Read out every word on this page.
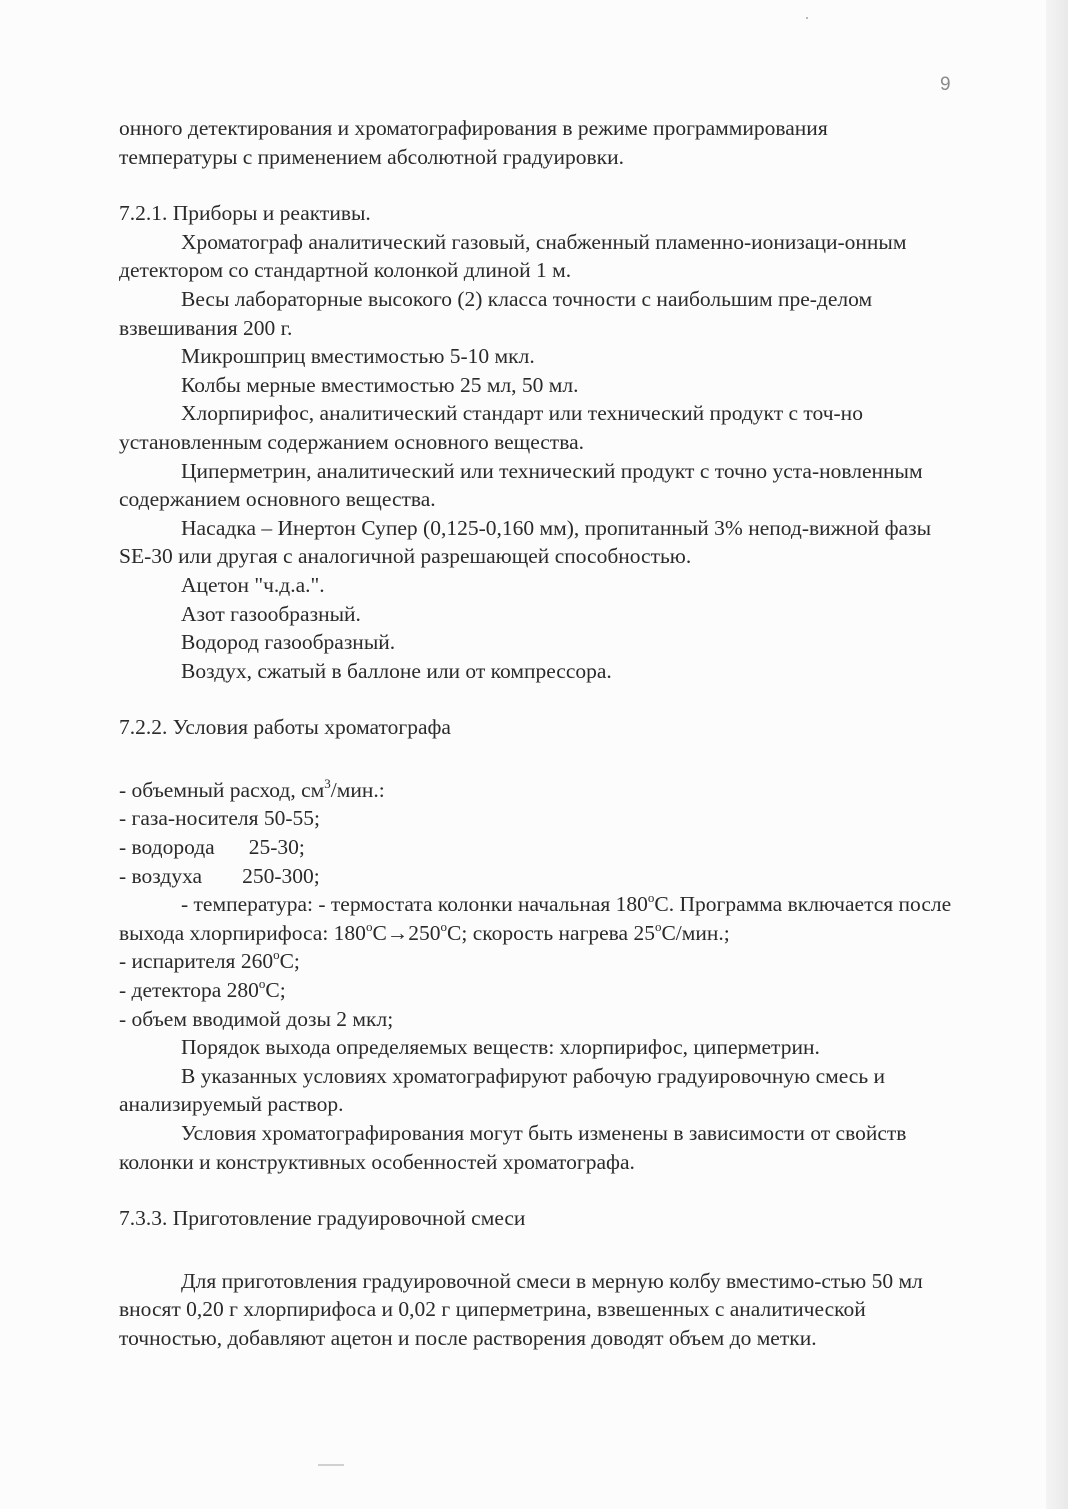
9

онного детектирования и хроматографирования в режиме программирования

температуры с применением абсолютной градуировки.

7.2.1. Приборы и реактивы.

Хроматограф аналитический газовый, снабженный пламенно-ионизаци-онным детектором со стандартной колонкой длиной 1 м.

Весы лабораторные высокого (2) класса точности с наибольшим пре-делом взвешивания 200 г.

Микрошприц вместимостью 5-10 мкл.

Колбы мерные вместимостью 25 мл, 50 мл.

Хлорпирифос, аналитический стандарт или технический продукт с точ-но установленным содержанием основного вещества.

Циперметрин, аналитический или технический продукт с точно уста-новленным содержанием основного вещества.

Насадка – Инертон Супер (0,125-0,160 мм), пропитанный 3% непод-вижной фазы SE-30 или другая с аналогичной разрешающей способностью.

Ацетон "ч.д.а.".

Азот газообразный.

Водород газообразный.

Воздух, сжатый в баллоне или от компрессора.

7.2.2. Условия работы хроматографа

- объемный расход, $см^3$/мин.:

- газа-носителя 50-55;

- водорода 25-30;

- воздуха 250-300;

- температура: - термостата колонки начальная 180$^o$С. Программа включается после выхода хлорпирифоса: $180^oС\to 250^oС$; скорость нагрева 25$^o$С/мин.;

- испарителя 260$^o$С;

- детектора 280$^o$С;

- объем вводимой дозы 2 мкл;

Порядок выхода определяемых веществ: хлорпирифос, циперметрин.

В указанных условиях хроматографируют рабочую градуировочную смесь и анализируемый раствор.

Условия хроматографирования могут быть изменены в зависимости от свойств колонки и конструктивных особенностей хроматографа.

7.3.3. Приготовление градуировочной смеси

Для приготовления градуировочной смеси в мерную колбу вместимо-стью 50 мл вносят 0,20 г хлорпирифоса и 0,02 г циперметрина, взвешенных с аналитической точностью, добавляют ацетон и после растворения доводят объем до метки.
